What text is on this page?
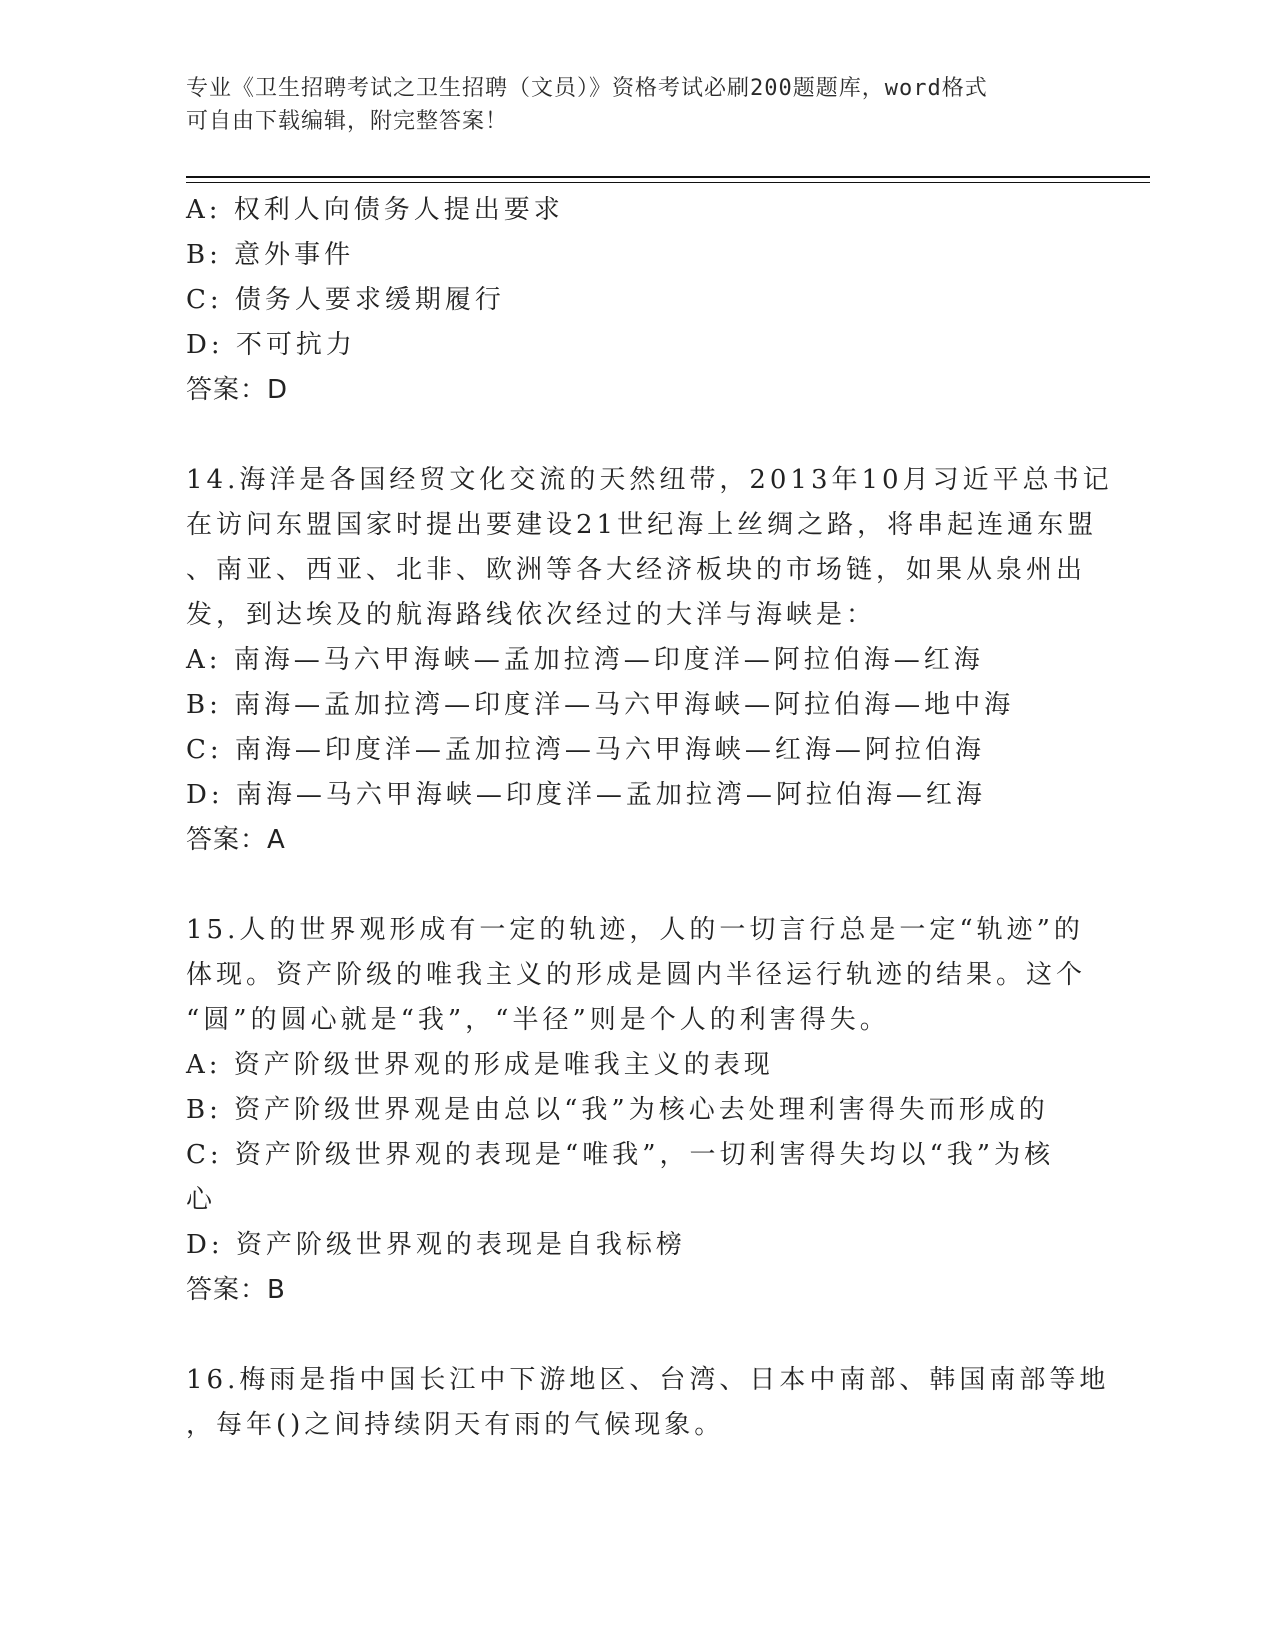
专业《卫生招聘考试之卫生招聘（文员）》资格考试必刷200题题库，word格式
可自由下载编辑，附完整答案！
A: 权利人向债务人提出要求
B: 意外事件
C: 债务人要求缓期履行
D: 不可抗力
答案：D
14.海洋是各国经贸文化交流的天然纽带，2013年10月习近平总书记
在访问东盟国家时提出要建设21世纪海上丝绸之路，将串起连通东盟
、南亚、西亚、北非、欧洲等各大经济板块的市场链，如果从泉州出
发，到达埃及的航海路线依次经过的大洋与海峡是：
A: 南海—马六甲海峡—孟加拉湾—印度洋—阿拉伯海—红海
B: 南海—孟加拉湾—印度洋—马六甲海峡—阿拉伯海—地中海
C: 南海—印度洋—孟加拉湾—马六甲海峡—红海—阿拉伯海
D: 南海—马六甲海峡—印度洋—孟加拉湾—阿拉伯海—红海
答案：A
15.人的世界观形成有一定的轨迹，人的一切言行总是一定“轨迹”的
体现。资产阶级的唯我主义的形成是圆内半径运行轨迹的结果。这个
“圆”的圆心就是“我”，“半径”则是个人的利害得失。
A: 资产阶级世界观的形成是唯我主义的表现
B: 资产阶级世界观是由总以“我”为核心去处理利害得失而形成的
C: 资产阶级世界观的表现是“唯我”，一切利害得失均以“我”为核
心
D: 资产阶级世界观的表现是自我标榜
答案：B
16.梅雨是指中国长江中下游地区、台湾、日本中南部、韩国南部等地
，每年()之间持续阴天有雨的气候现象。
